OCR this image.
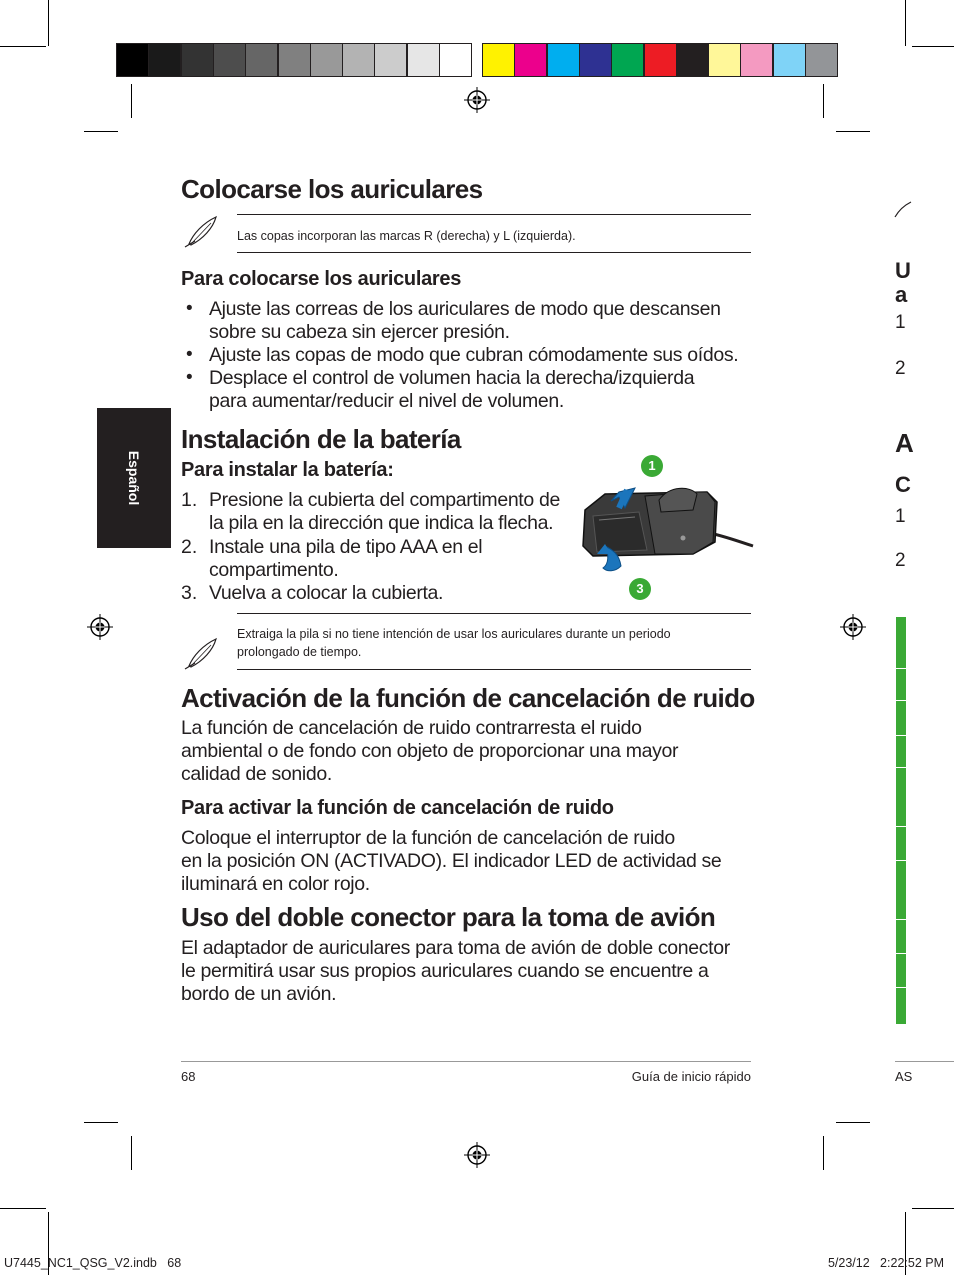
Español
Colocarse los auriculares
Las copas incorporan las marcas R (derecha) y L (izquierda).
Para colocarse los auriculares
• Ajuste las correas de los auriculares de modo que descansen
sobre su cabeza sin ejercer presión.
• Ajuste las copas de modo que cubran cómodamente sus oídos.
• Desplace el control de volumen hacia la derecha/izquierda
para aumentar/reducir el nivel de volumen.
Instalación de la batería
Para instalar la batería:
1. Presione la cubierta del compartimento de
la pila en la dirección que indica la flecha.
2. Instale una pila de tipo AAA en el
compartimento.
3. Vuelva a colocar la cubierta.
1
3
Extraiga la pila si no tiene intención de usar los auriculares durante un periodo
prolongado de tiempo.
Activación de la función de cancelación de ruido
La función de cancelación de ruido contrarresta el ruido
ambiental o de fondo con objeto de proporcionar una mayor
calidad de sonido.
Para activar la función de cancelación de ruido
Coloque el interruptor de la función de cancelación de ruido
en la posición ON (ACTIVADO). El indicador LED de actividad se
iluminará en color rojo.
Uso del doble conector para la toma de avión
El adaptador de auriculares para toma de avión de doble conector
le permitirá usar sus propios auriculares cuando se encuentre a
bordo de un avión.
68	Guía de inicio rápido
U7445_NC1_QSG_V2.indb   68	5/23/12   2:22:52 PM
U
a
1
2
A
C
1
2
AS
